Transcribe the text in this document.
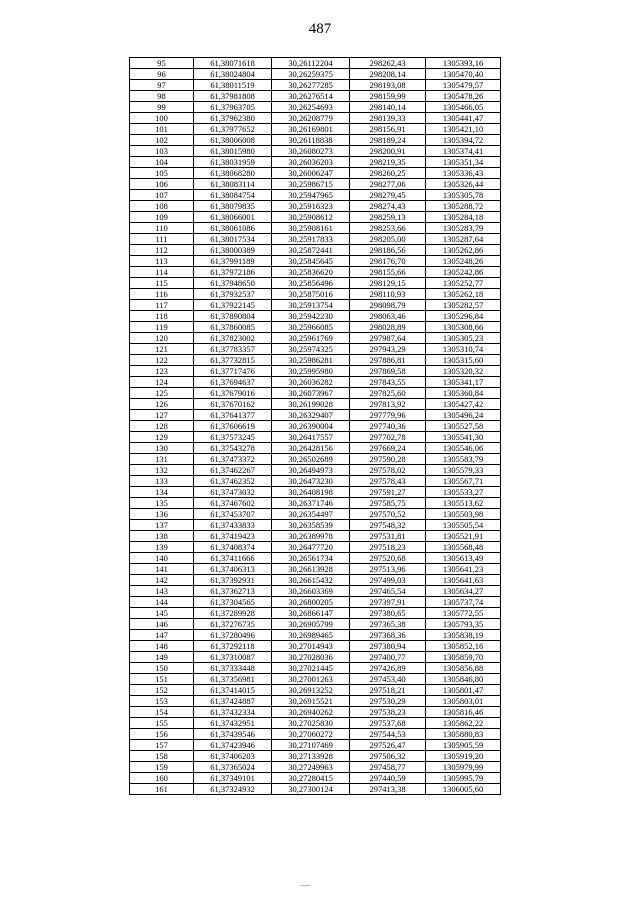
487
95	61,38071618	30,26112204	298262,43	1305393,16
96	61,38024804	30,26259375	298208,14	1305470,40
97	61,38011519	30,26277285	298193,08	1305479,57
98	61,37981808	30,26276514	298159,99	1305478,26
99	61,37963705	30,26254693	298140,14	1305466,05
100	61,37962380	30,26208779	298139,33	1305441,47
101	61,37977652	30,26169801	298156,91	1305421,10
102	61,38006008	30,26118838	298189,24	1305394,72
103	61,38015980	30,26080273	298200,91	1305374,41
104	61,38031959	30,26036203	298219,35	1305351,34
105	61,38068280	30,26006247	298260,25	1305336,43
106	61,38083114	30,25986715	298277,06	1305326,44
107	61,38084754	30,25947965	298279,45	1305305,78
108	61,38079835	30,25916323	298274,43	1305288,72
109	61,38066001	30,25908612	298259,13	1305284,18
110	61,38061086	30,25908161	298253,66	1305283,79
111	61,38017534	30,25917833	298205,00	1305287,64
112	61,38000389	30,25872441	298186,56	1305262,86
113	61,37991189	30,25845645	298176,70	1305248,26
114	61,37972186	30,25836620	298155,66	1305242,86
115	61,37948650	30,25856496	298129,15	1305252,77
116	61,37932537	30,25875016	298110,93	1305262,18
117	61,37922145	30,25913754	298098,79	1305282,57
118	61,37890804	30,25942230	298063,46	1305296,84
119	61,37860085	30,25966085	298028,89	1305308,66
120	61,37823002	30,25961769	297987,64	1305305,23
121	61,37783357	30,25974325	297943,29	1305310,74
122	61,37732815	30,25986281	297886,81	1305315,60
123	61,37717476	30,25995980	297869,58	1305320,32
124	61,37694637	30,26036282	297843,55	1305341,17
125	61,37679016	30,26073967	297825,60	1305360,84
126	61,37670162	30,26199028	297813,92	1305427,42
127	61,37641377	30,26329407	297779,96	1305496,24
128	61,37606619	30,26390004	297740,36	1305527,58
129	61,37573245	30,26417557	297702,78	1305541,30
130	61,37543278	30,26428156	297669,24	1305546,06
131	61,37473372	30,26502689	297590,28	1305583,79
132	61,37462267	30,26494973	297578,02	1305579,33
133	61,37462352	30,26473230	297578,43	1305567,71
134	61,37473032	30,26408198	297591,27	1305533,27
135	61,37467602	30,26371746	297585,75	1305513,62
136	61,37453707	30,26354497	297570,52	1305503,98
137	61,37433833	30,26358539	297548,32	1305505,54
138	61,37419423	30,26389978	297531,81	1305521,91
139	61,37408374	30,26477720	297518,23	1305568,48
140	61,37411666	30,26561734	297520,68	1305613,49
141	61,37406313	30,26613928	297513,96	1305641,23
142	61,37392931	30,26615432	297499,03	1305641,63
143	61,37362713	30,26603369	297465,54	1305634,27
144	61,37304565	30,26800205	297397,91	1305737,74
145	61,37289928	30,26866147	297380,65	1305772,55
146	61,37276735	30,26905799	297365,38	1305793,35
147	61,37280496	30,26989465	297368,36	1305838,19
148	61,37292118	30,27014943	297380,94	1305852,16
149	61,37310087	30,27028036	297400,77	1305859,70
150	61,37333448	30,27021445	297426,89	1305856,88
151	61,37356981	30,27001263	297453,40	1305846,80
152	61,37414015	30,26913252	297518,21	1305801,47
153	61,37424887	30,26915521	297530,29	1305803,01
154	61,37432334	30,26940262	297538,23	1305816,46
155	61,37432951	30,27025830	297537,68	1305862,22
156	61,37439546	30,27060272	297544,53	1305880,83
157	61,37423946	30,27107469	297526,47	1305905,59
158	61,37406203	30,27133928	297506,32	1305919,20
159	61,37365024	30,27249963	297458,77	1305979,99
160	61,37349101	30,27280415	297440,59	1305995,79
161	61,37324932	30,27300124	297413,38	1306005,60
